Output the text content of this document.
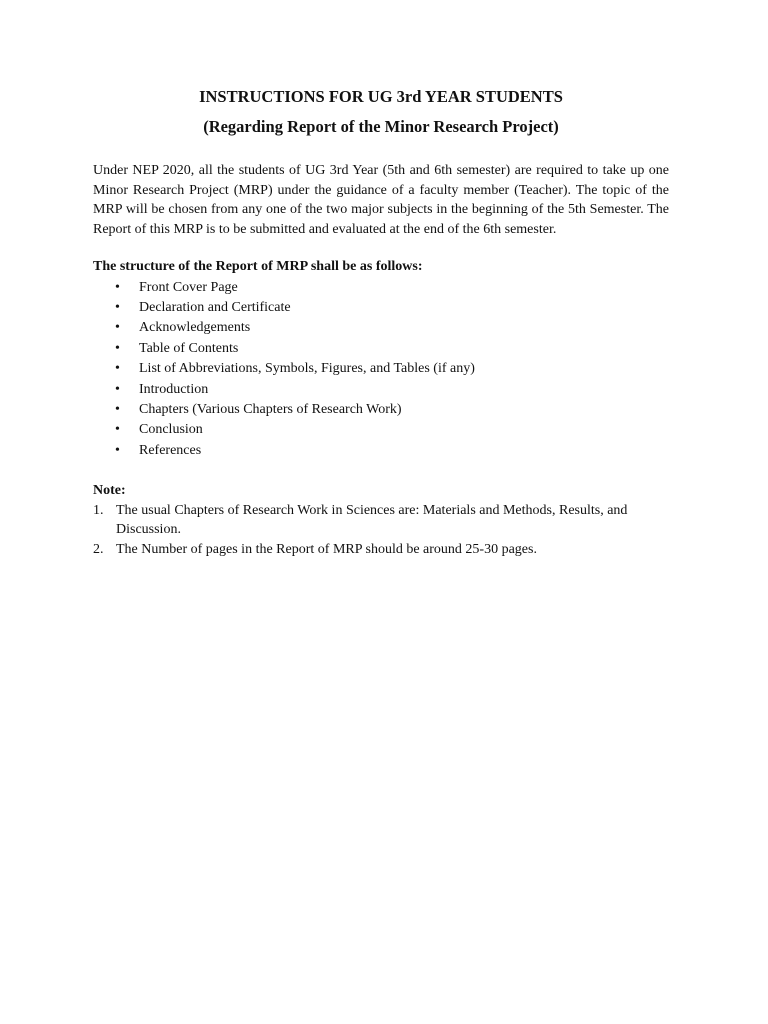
INSTRUCTIONS FOR UG 3rd YEAR STUDENTS
(Regarding Report of the Minor Research Project)

Under NEP 2020, all the students of UG 3rd Year (5th and 6th semester) are required to take up one Minor Research Project (MRP) under the guidance of a faculty member (Teacher). The topic of the MRP will be chosen from any one of the two major subjects in the beginning of the 5th Semester. The Report of this MRP is to be submitted and evaluated at the end of the 6th semester.

The structure of the Report of MRP shall be as follows:

• Front Cover Page
• Declaration and Certificate
• Acknowledgements
• Table of Contents
• List of Abbreviations, Symbols, Figures, and Tables (if any)
• Introduction
• Chapters (Various Chapters of Research Work)
• Conclusion
• References

Note:

1. The usual Chapters of Research Work in Sciences are: Materials and Methods, Results, and Discussion.
2. The Number of pages in the Report of MRP should be around 25-30 pages.
